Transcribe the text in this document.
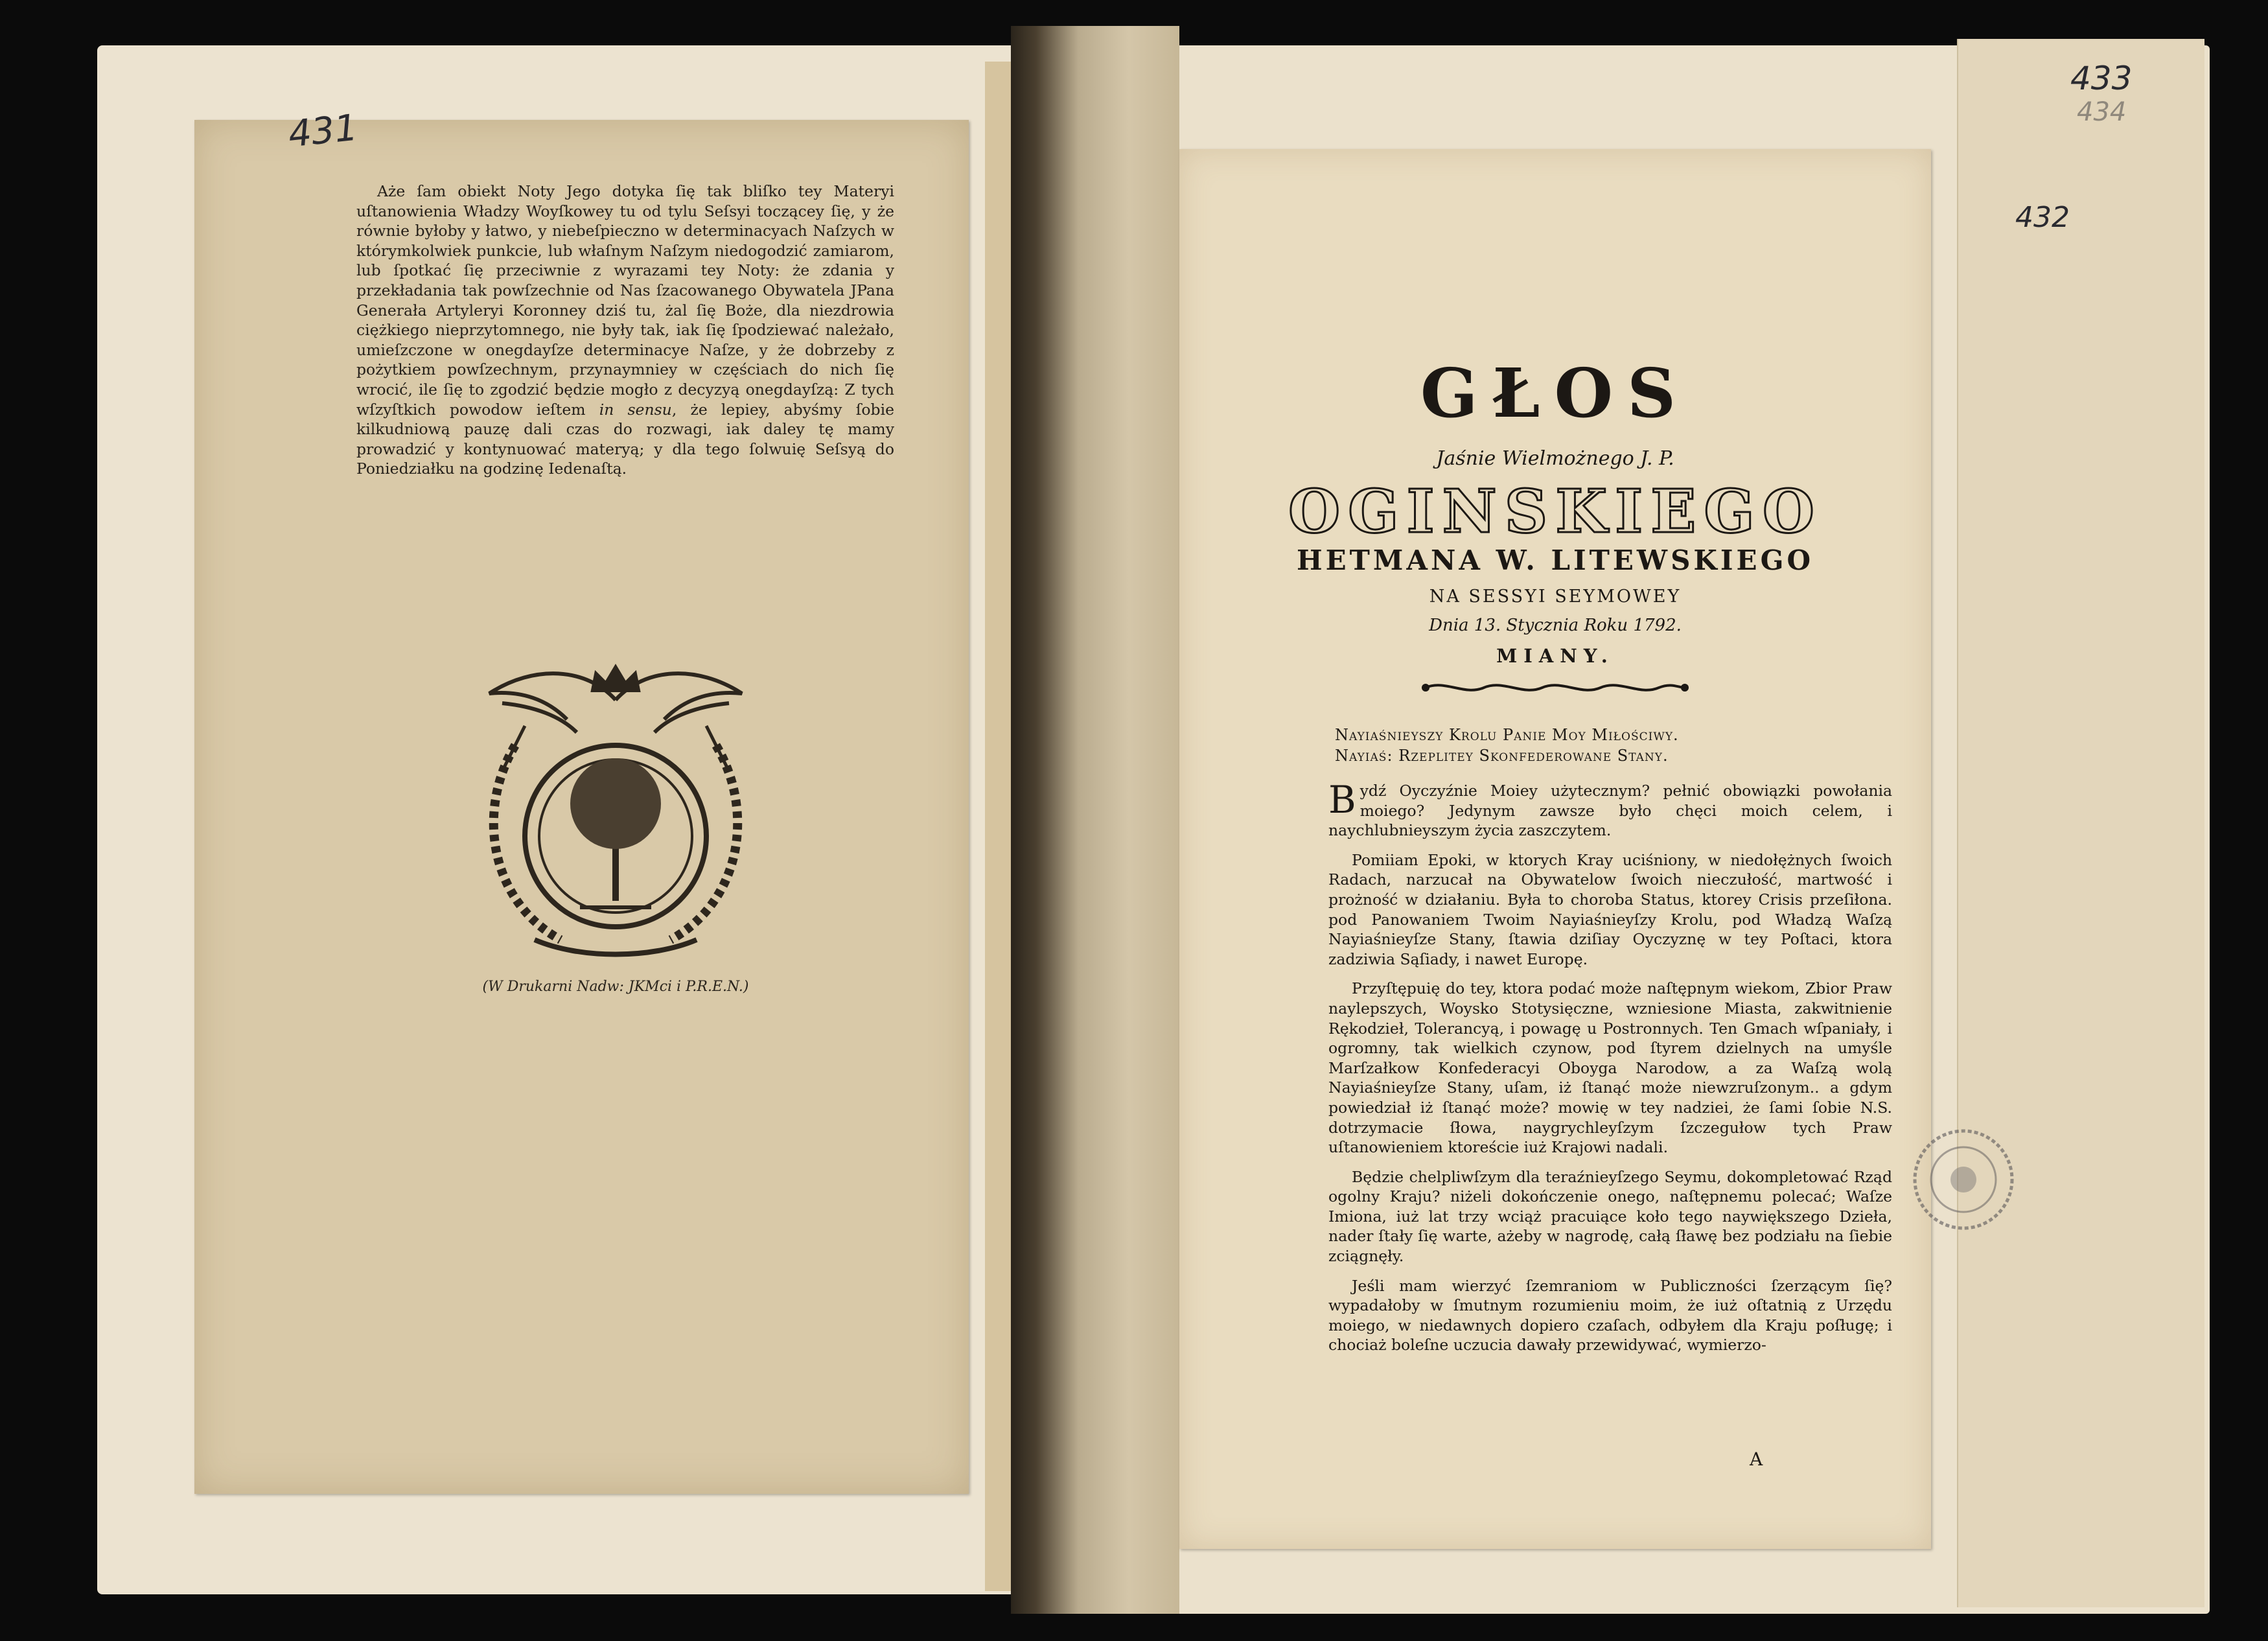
431
433
434
432

Aże ſam obiekt Noty Jego dotyka ſię tak bliſko tey Materyi uſtanowienia Władzy Woyſkowey tu od tylu Seſsyi toczącey ſię, y że równie byłoby y łatwo, y niebeſpieczno w determinacyach Naſzych w którymkolwiek punkcie, lub właſnym Naſzym niedogodzić zamiarom, lub ſpotkać ſię przeciwnie z wyrazami tey Noty: że zdania y przekładania tak powſzechnie od Nas ſzacowanego Obywatela JPana Generała Artyleryi Koronney dziś tu, żal ſię Boże, dla niezdrowia ciężkiego nieprzytomnego, nie były tak, iak ſię ſpodziewać należało, umieſzczone w onegdayſze determinacye Naſze, y że dobrzeby z pożytkiem powſzechnym, przynaymniey w częściach do nich ſię wrocić, ile ſię to zgodzić będzie mogło z decyzyą onegdayſzą: Z tych wſzyſtkich powodow ieſtem in sensu, że lepiey, abyśmy ſobie kilkudniową pauzę dali czas do rozwagi, iak daley tę mamy prowadzić y kontynuować materyą; y dla tego ſolwuię Seſsyą do Poniedziałku na godzinę Iedenaſtą.

(W Drukarni Nadw: JKMci i P.R.E.N.)
GŁOS
Jaśnie Wielmożnego J. P.
OGINSKIEGO
HETMANA W. LITEWSKIEGO
NA SESSYI SEYMOWEY
Dnia 13. Stycznia Roku 1792.
MIANY.
Nayiaśnieyszy Krolu Panie Moy Miłościwy.
Nayiaś: Rzeplitey Skonfederowane Stany.

Bydź Oyczyźnie Moiey użytecznym? pełnić obowiązki powołania moiego? Jedynym zawsze było chęci moich celem, i naychlubnieyszym życia zaszczytem.

Pomiiam Epoki, w ktorych Kray uciśniony, w niedołężnych ſwoich Radach, narzucał na Obywatelow ſwoich nieczułość, martwość i prożność w działaniu. Była to choroba Status, ktorey Crisis przeſiłona. pod Panowaniem Twoim Nayiaśnieyſzy Krolu, pod Władzą Waſzą Nayiaśnieyſze Stany, ſtawia dziſiay Oyczyznę w tey Poſtaci, ktora zadziwia Sąſiady, i nawet Europę.

Przyſtępuię do tey, ktora podać może naſtępnym wiekom, Zbior Praw naylepszych, Woysko Stotysięczne, wzniesione Miasta, zakwitnienie Rękodzieł, Tolerancyą, i powagę u Postronnych. Ten Gmach wſpaniały, i ogromny, tak wielkich czynow, pod ſtyrem dzielnych na umyśle Marſzałkow Konfederacyi Oboyga Narodow, a za Waſzą wolą Nayiaśnieyſze Stany, uſam, iż ſtanąć może niewzruſzonym.. a gdym powiedział iż ſtanąć może? mowię w tey nadziei, że ſami ſobie N.S. dotrzymacie ſłowa, naygrychleyſzym ſzczegułow tych Praw uſtanowieniem ktoreście iuż Krajowi nadali.

Będzie chelpliwſzym dla teraźnieyſzego Seymu, dokompletować Rząd ogolny Kraju? niżeli dokończenie onego, naſtępnemu polecać; Waſze Imiona, iuż lat trzy wciąż pracuiące koło tego naywiększego Dzieła, nader ſtały ſię warte, ażeby w nagrodę, całą ſławę bez podziału na ſiebie zciągnęły.

Jeśli mam wierzyć ſzemraniom w Publiczności ſzerzącym ſię? wypadałoby w ſmutnym rozumieniu moim, że iuż oſtatnią z Urzędu moiego, w niedawnych dopiero czaſach, odbyłem dla Kraju poſługę; i chociaż boleſne uczucia dawały przewidywać, wymierzo-

A
